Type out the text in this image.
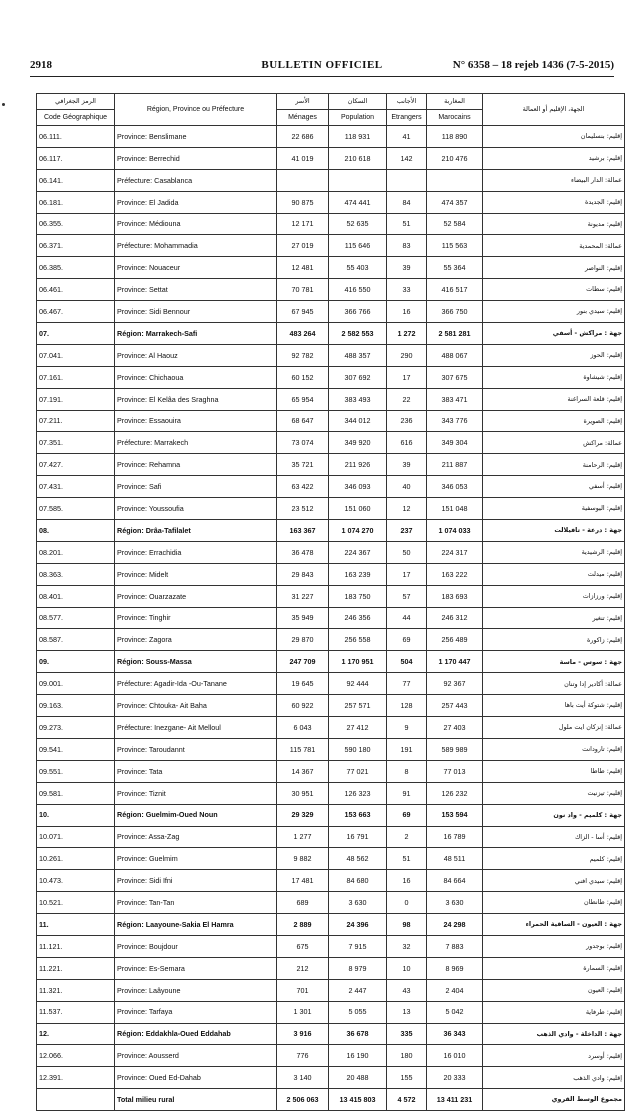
2918	BULLETIN OFFICIEL	N° 6358 – 18 rejeb 1436 (7-5-2015)
الرمز الجغرافي	Région, Province ou Préfecture	الأسر	السكان	الأجانب	المغاربة	الجهة، الإقليم أو العمالة
Code Géographique		Ménages	Population	Etrangers	Marocains	
06.111.	Province: Benslimane	22 686	118 931	41	118 890	إقليم: بنسليمان
06.117.	Province: Berrechid	41 019	210 618	142	210 476	إقليم: برشيد
06.141.	Préfecture: Casablanca					عمالة: الدار البيضاء
06.181.	Province: El Jadida	90 875	474 441	84	474 357	إقليم: الجديدة
06.355.	Province: Médiouna	12 171	52 635	51	52 584	إقليم: مديونة
06.371.	Préfecture: Mohammadia	27 019	115 646	83	115 563	عمالة: المحمدية
06.385.	Province: Nouaceur	12 481	55 403	39	55 364	إقليم: النواصر
06.461.	Province: Settat	70 781	416 550	33	416 517	إقليم: سطات
06.467.	Province: Sidi Bennour	67 945	366 766	16	366 750	إقليم: سيدي بنور
07.	Région: Marrakech-Safi	483 264	2 582 553	1 272	2 581 281	جهة : مراكش - أسفي
07.041.	Province: Al Haouz	92 782	488 357	290	488 067	إقليم: الحوز
07.161.	Province: Chichaoua	60 152	307 692	17	307 675	إقليم: شيشاوة
07.191.	Province: El Kelâa des Sraghna	65 954	383 493	22	383 471	إقليم: قلعة السراغنة
07.211.	Province: Essaouira	68 647	344 012	236	343 776	إقليم: الصويرة
07.351.	Préfecture: Marrakech	73 074	349 920	616	349 304	عمالة: مراكش
07.427.	Province: Rehamna	35 721	211 926	39	211 887	إقليم: الرحامنة
07.431.	Province: Safi	63 422	346 093	40	346 053	إقليم: أسفي
07.585.	Province: Youssoufia	23 512	151 060	12	151 048	إقليم: اليوسفية
08.	Région: Drâa-Tafilalet	163 367	1 074 270	237	1 074 033	جهة : درعة - تافيلالت
08.201.	Province: Errachidia	36 478	224 367	50	224 317	إقليم: الرشيدية
08.363.	Province: Midelt	29 843	163 239	17	163 222	إقليم: ميدلت
08.401.	Province: Ouarzazate	31 227	183 750	57	183 693	إقليم: ورزازات
08.577.	Province: Tinghir	35 949	246 356	44	246 312	إقليم: تنغير
08.587.	Province: Zagora	29 870	256 558	69	256 489	إقليم: زاكورة
09.	Région: Souss-Massa	247 709	1 170 951	504	1 170 447	جهة : سوس - ماسة
09.001.	Préfecture: Agadir-Ida -Ou-Tanane	19 645	92 444	77	92 367	عمالة: أكادير إدا وتنان
09.163.	Province: Chtouka- Ait Baha	60 922	257 571	128	257 443	إقليم: شتوكة أيت باها
09.273.	Préfecture: Inezgane- Ait Melloul	6 043	27 412	9	27 403	عمالة: إنزكان ايت ملول
09.541.	Province: Taroudannt	115 781	590 180	191	589 989	إقليم: تارودانت
09.551.	Province: Tata	14 367	77 021	8	77 013	إقليم: طاطا
09.581.	Province: Tiznit	30 951	126 323	91	126 232	إقليم: تيزنيت
10.	Région: Guelmim-Oued Noun	29 329	153 663	69	153 594	جهة : كلميم - واد نون
10.071.	Province: Assa-Zag	1 277	16 791	2	16 789	إقليم: أسا - الزاك
10.261.	Province: Guelmim	9 882	48 562	51	48 511	إقليم: كلميم
10.473.	Province: Sidi Ifni	17 481	84 680	16	84 664	إقليم: سيدي افني
10.521.	Province: Tan-Tan	689	3 630	0	3 630	إقليم: طانطان
11.	Région: Laayoune-Sakia El Hamra	2 889	24 396	98	24 298	جهة : العيون - الساقية الحمراء
11.121.	Province: Boujdour	675	7 915	32	7 883	إقليم: بوجدور
11.221.	Province: Es-Semara	212	8 979	10	8 969	إقليم: السمارة
11.321.	Province: Laâyoune	701	2 447	43	2 404	إقليم: العيون
11.537.	Province: Tarfaya	1 301	5 055	13	5 042	إقليم: طرفاية
12.	Région: Eddakhla-Oued Eddahab	3 916	36 678	335	36 343	جهة : الداخلة - وادي الذهب
12.066.	Province: Aousserd	776	16 190	180	16 010	إقليم: أوسرد
12.391.	Province: Oued Ed-Dahab	3 140	20 488	155	20 333	إقليم: وادي الذهب
	Total milieu rural	2 506 063	13 415 803	4 572	13 411 231	مجموع الوسط القروي
